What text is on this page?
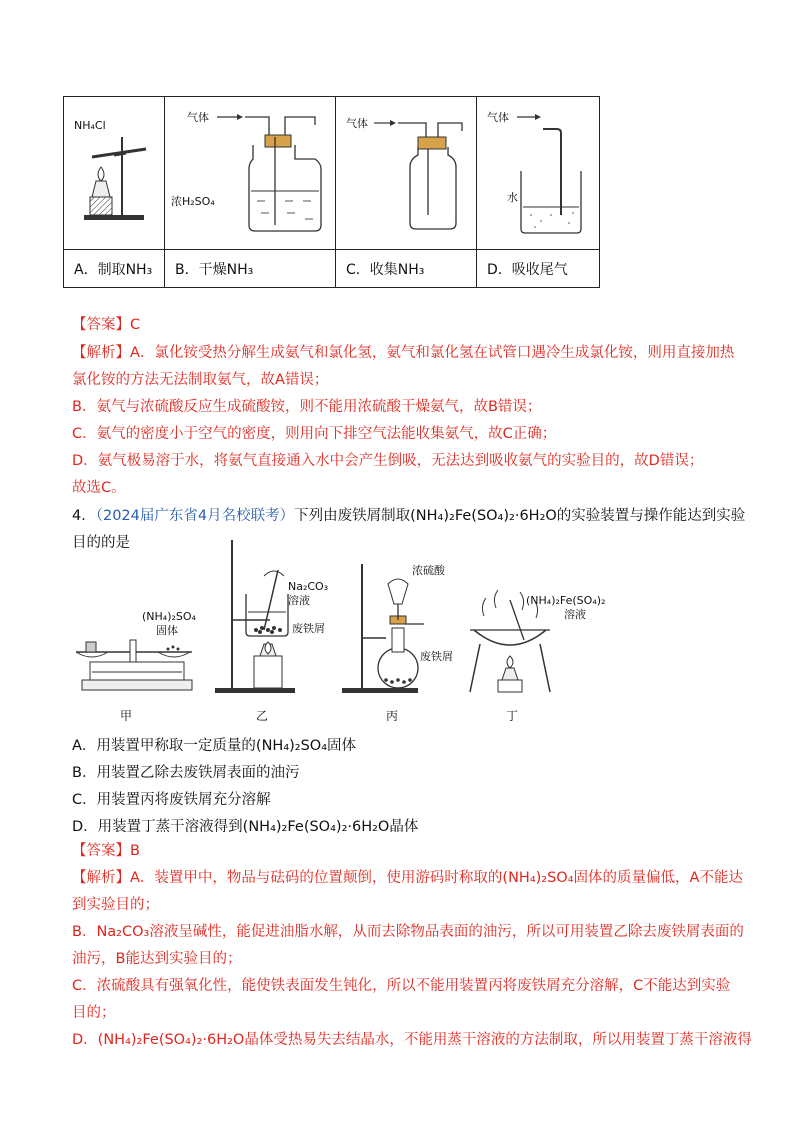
NH₄Cl	气体
浓H₂SO₄	气体	气体
水

A．制取NH₃	B．干燥NH₃	C．收集NH₃	D．吸收尾气
【答案】C
【解析】A．氯化铵受热分解生成氨气和氯化氢，氨气和氯化氢在试管口遇冷生成氯化铵，则用直接加热
氯化铵的方法无法制取氨气，故A错误；
B．氨气与浓硫酸反应生成硫酸铵，则不能用浓硫酸干燥氨气，故B错误；
C．氨气的密度小于空气的密度，则用向下排空气法能收集氨气，故C正确；
D．氨气极易溶于水，将氨气直接通入水中会产生倒吸，无法达到吸收氨气的实验目的，故D错误；
故选C。
4．（2024届广东省4月名校联考）下列由废铁屑制取(NH₄)₂Fe(SO₄)₂·6H₂O的实验装置与操作能达到实验
目的的是
(NH₄)₂SO₄
固体
甲
Na₂CO₃
溶液
废铁屑
乙
浓硫酸
废铁屑
丙
(NH₄)₂Fe(SO₄)₂
溶液
丁
A．用装置甲称取一定质量的(NH₄)₂SO₄固体
B．用装置乙除去废铁屑表面的油污
C．用装置丙将废铁屑充分溶解
D．用装置丁蒸干溶液得到(NH₄)₂Fe(SO₄)₂·6H₂O晶体
【答案】B
【解析】A．装置甲中，物品与砝码的位置颠倒，使用游码时称取的(NH₄)₂SO₄固体的质量偏低，A不能达
到实验目的；
B．Na₂CO₃溶液呈碱性，能促进油脂水解，从而去除物品表面的油污，所以可用装置乙除去废铁屑表面的
油污，B能达到实验目的；
C．浓硫酸具有强氧化性，能使铁表面发生钝化，所以不能用装置丙将废铁屑充分溶解，C不能达到实验
目的；
D．(NH₄)₂Fe(SO₄)₂·6H₂O晶体受热易失去结晶水，不能用蒸干溶液的方法制取，所以用装置丁蒸干溶液得
